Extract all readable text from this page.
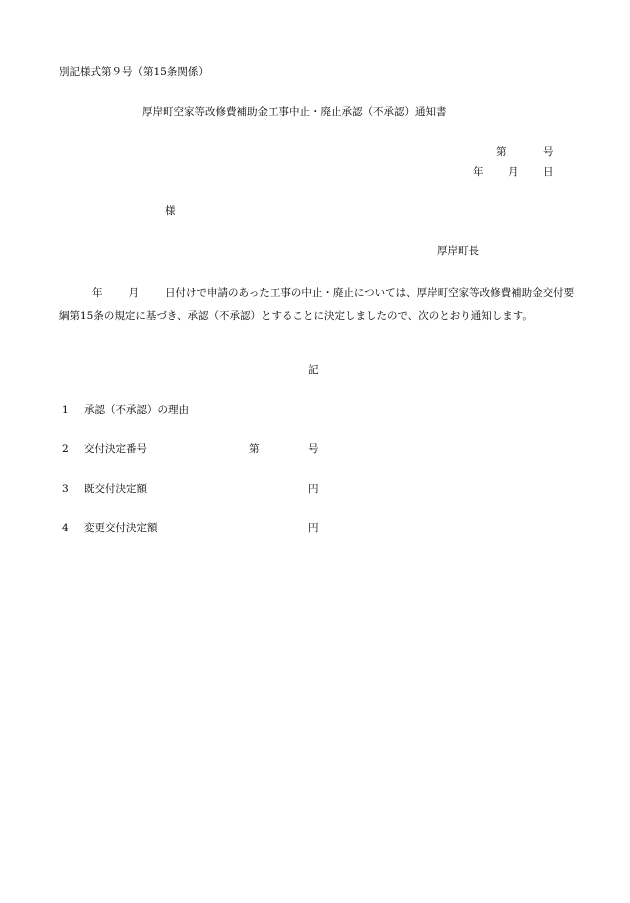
別記様式第９号（第15条関係）
厚岸町空家等改修費補助金工事中止・廃止承認（不承認）通知書
第	号
年 月 日
様
厚岸町長
年 月 日付けで申請のあった工事の中止・廃止については、厚岸町空家等改修費補助金交付要綱第15条の規定に基づき、承認（不承認）とすることに決定しましたので、次のとおり通知します。
記
1 承認（不承認）の理由
2 交付決定番号	第	号
3 既交付決定額	円
4 変更交付決定額	円
